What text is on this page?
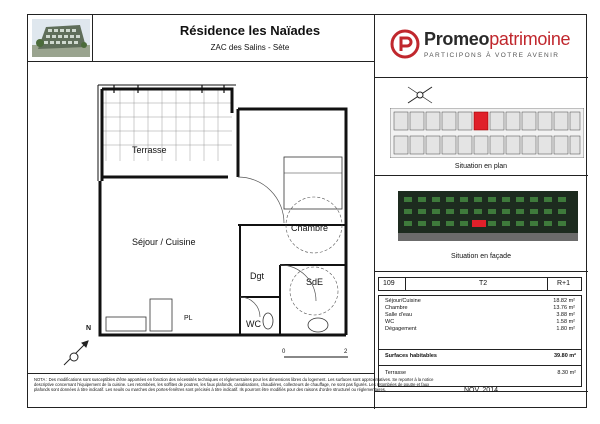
Résidence les Naïades
ZAC des Salins - Sète	Promeopatrimoine
PARTICIPONS À VOTRE AVENIR
Situation en plan
Situation en façade
109	T2	R+1
Séjour/Cuisine	18.82 m²
Chambre	13.76 m²
Salle d'eau	3.88 m²
WC	1.58 m²
Dégagement	1.80 m²
Surfaces habitables	39.80 m²
Terrasse	8.30 m²
NOTA : Des modifications sont susceptibles d'être apportées en fonction des nécessités techniques et réglementaires pour les dimensions libres du logement. Les surfaces sont approximatives. Se reporter à la notice descriptive concernant l'équipement de la cuisine. Les retombées, les soffites de poutres, les faux plafonds, canalisations, chaudières, collecteurs de chauffage, ne sont pas figurés. Les retombées de poutre et faux plafonds sont données à titre indicatif. Les seuils ou marches des portes-fenêtres sont précisés à titre indicatif. Ils pourront être modifiés pour des raisons d'ordre structurel ou réglementaires.	NOV. 2014
Terrasse
Séjour / Cuisine
Chambre
Dgt
SdE
WC
PL
0	2
N
